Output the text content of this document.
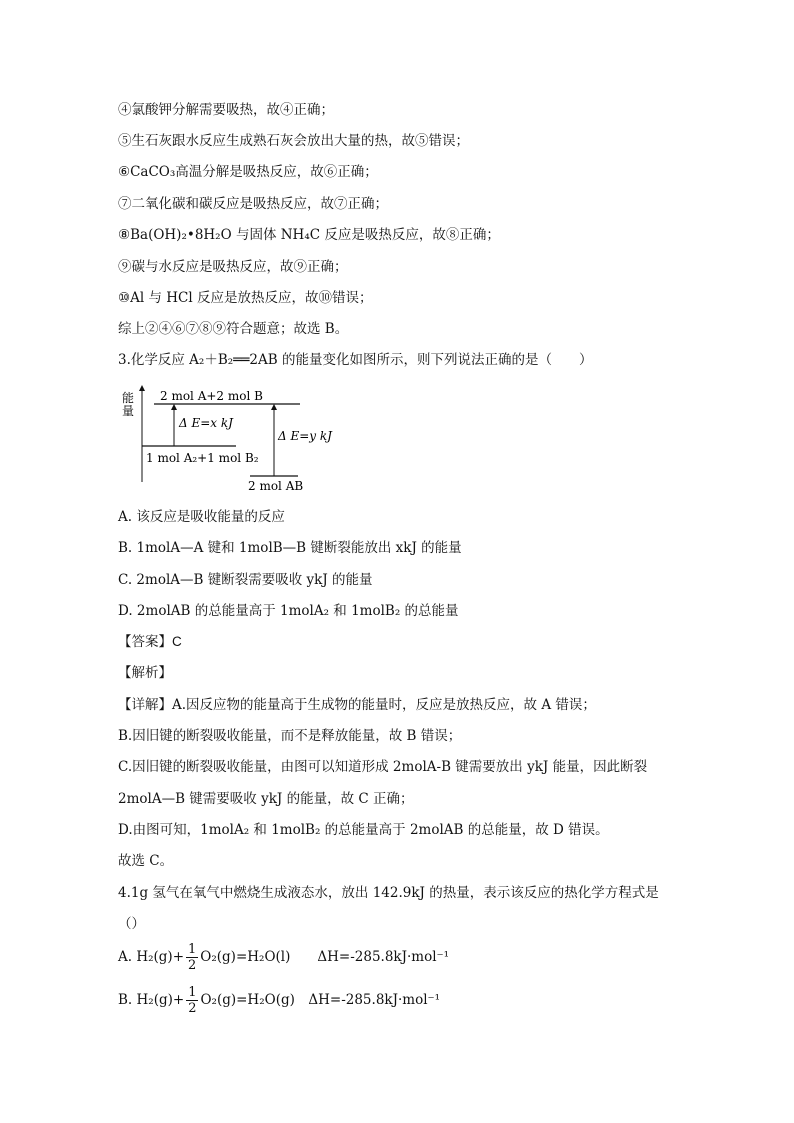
④氯酸钾分解需要吸热，故④正确；
⑤生石灰跟水反应生成熟石灰会放出大量的热，故⑤错误；
⑥CaCO₃高温分解是吸热反应，故⑥正确；
⑦二氧化碳和碳反应是吸热反应，故⑦正确；
⑧Ba(OH)₂•8H₂O 与固体 NH₄C 反应是吸热反应，故⑧正确；
⑨碳与水反应是吸热反应，故⑨正确；
⑩Al 与 HCl 反应是放热反应，故⑩错误；
综上②④⑥⑦⑧⑨符合题意；故选 B。
3.化学反应 A₂＋B₂══2AB 的能量变化如图所示，则下列说法正确的是（　　）
能
量
2 mol A+2 mol B
1 mol A₂+1 mol B₂
2 mol AB
Δ E=x kJ
Δ E=y kJ
A. 该反应是吸收能量的反应
B. 1molA—A 键和 1molB—B 键断裂能放出 xkJ 的能量
C. 2molA—B 键断裂需要吸收 ykJ 的能量
D. 2molAB 的总能量高于 1molA₂ 和 1molB₂ 的总能量
【答案】C
【解析】
【详解】A.因反应物的能量高于生成物的能量时，反应是放热反应，故 A 错误；
B.因旧键的断裂吸收能量，而不是释放能量，故 B 错误；
C.因旧键的断裂吸收能量，由图可以知道形成 2molA-B 键需要放出 ykJ 能量，因此断裂
2molA—B 键需要吸收 ykJ 的能量，故 C 正确；
D.由图可知，1molA₂ 和 1molB₂ 的总能量高于 2molAB 的总能量，故 D 错误。
故选 C。
4.1g 氢气在氧气中燃烧生成液态水，放出 142.9kJ 的热量，表示该反应的热化学方程式是
（）
A. $H_2(g)+ \frac{1}{2} O_2(g)=H_2O(l)$　　ΔH=-285.8kJ·mol⁻¹
B. $H_2(g)+ \frac{1}{2} O_2(g)=H_2O(g)$　ΔH=-285.8kJ·mol⁻¹
